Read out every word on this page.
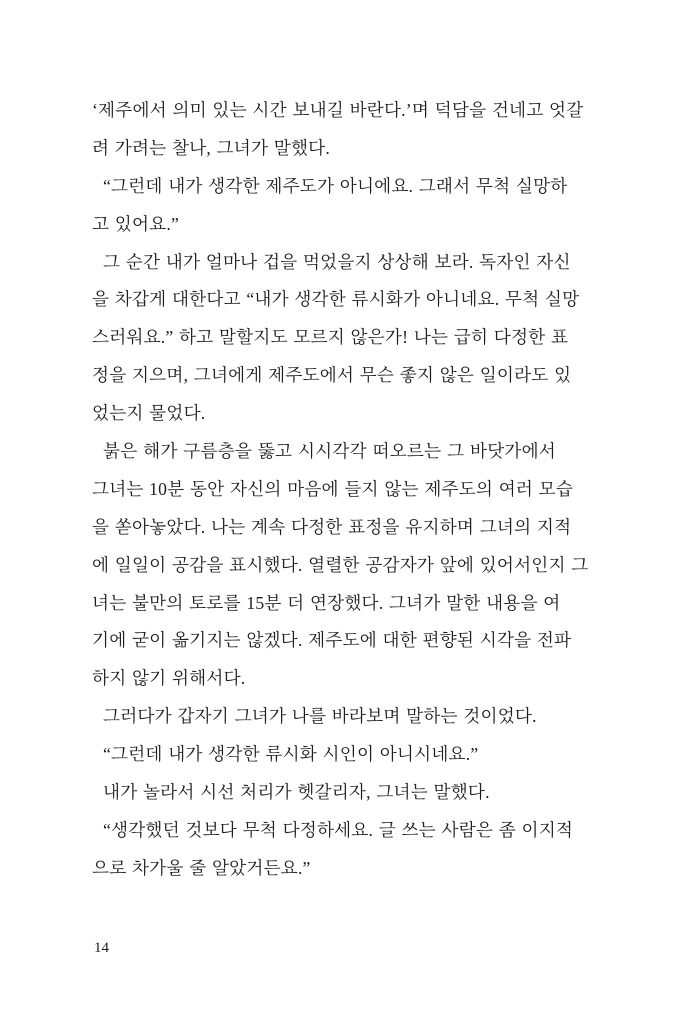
‘제주에서 의미 있는 시간 보내길 바란다.’며 덕담을 건네고 엇갈
려 가려는 찰나, 그녀가 말했다.
“그런데 내가 생각한 제주도가 아니에요. 그래서 무척 실망하
고 있어요.”
그 순간 내가 얼마나 겁을 먹었을지 상상해 보라. 독자인 자신
을 차갑게 대한다고 “내가 생각한 류시화가 아니네요. 무척 실망
스러워요.” 하고 말할지도 모르지 않은가! 나는 급히 다정한 표
정을 지으며, 그녀에게 제주도에서 무슨 좋지 않은 일이라도 있
었는지 물었다.
붉은 해가 구름층을 뚫고 시시각각 떠오르는 그 바닷가에서
그녀는 10분 동안 자신의 마음에 들지 않는 제주도의 여러 모습
을 쏟아놓았다. 나는 계속 다정한 표정을 유지하며 그녀의 지적
에 일일이 공감을 표시했다. 열렬한 공감자가 앞에 있어서인지 그
녀는 불만의 토로를 15분 더 연장했다. 그녀가 말한 내용을 여
기에 굳이 옮기지는 않겠다. 제주도에 대한 편향된 시각을 전파
하지 않기 위해서다.
그러다가 갑자기 그녀가 나를 바라보며 말하는 것이었다.
“그런데 내가 생각한 류시화 시인이 아니시네요.”
내가 놀라서 시선 처리가 헷갈리자, 그녀는 말했다.
“생각했던 것보다 무척 다정하세요. 글 쓰는 사람은 좀 이지적
으로 차가울 줄 알았거든요.”
14
